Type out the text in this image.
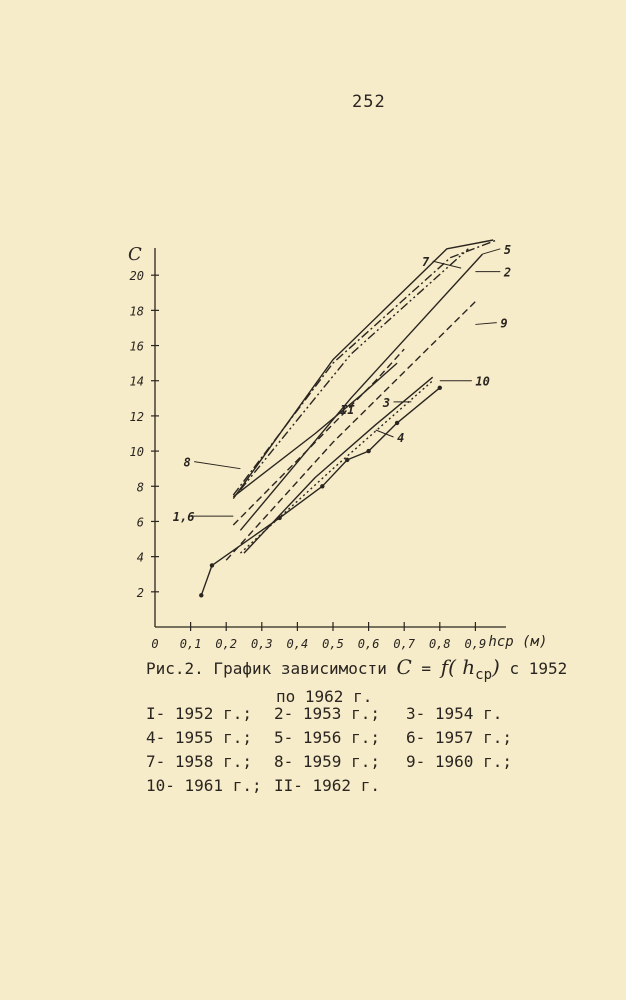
252
C
2
4
6
8
10
12
14
16
18
20
0 0,1 0,2 0,3 0,4 0,5 0,6 0,7 0,8 0,9 hср (м)
7
5
2
9
10
3
4
II
8
1,6
Рис.2. График зависимости C = f( hср) с 1952
по 1962 г.
I- 1952 г.;	2- 1953 г.;	3- 1954 г.
4- 1955 г.;	5- 1956 г.;	6- 1957 г.;
7- 1958 г.;	8- 1959 г.;	9- 1960 г.;
10- 1961 г.; II- 1962 г.
